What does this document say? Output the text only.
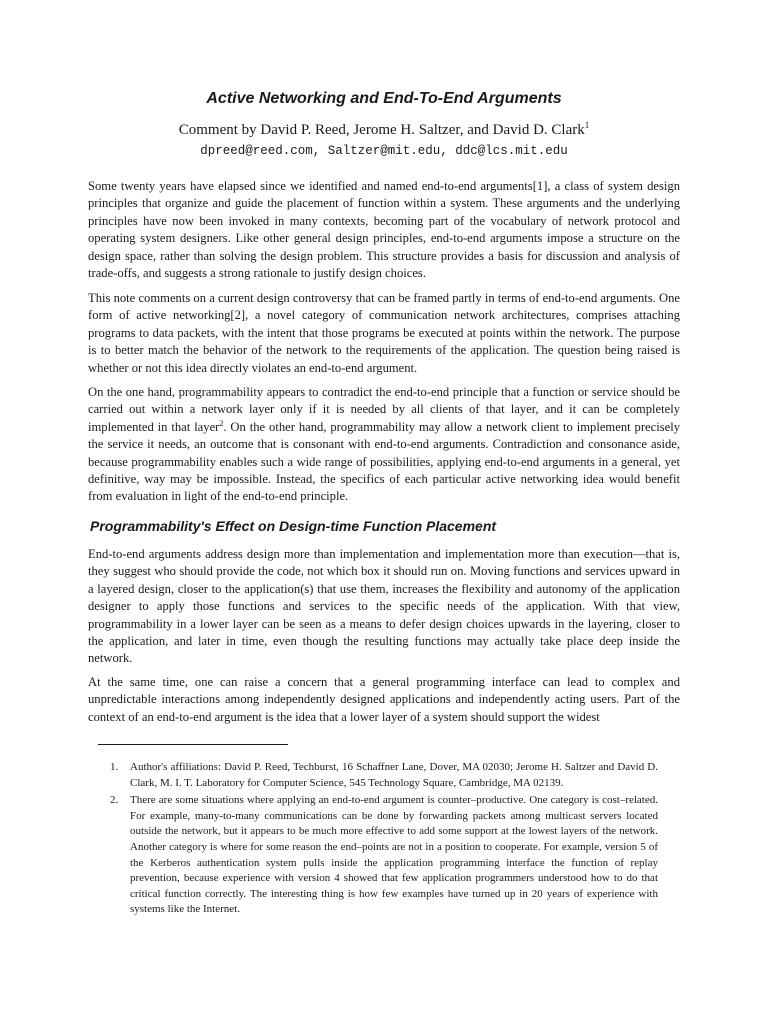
Active Networking and End-To-End Arguments

Comment by David P. Reed, Jerome H. Saltzer, and David D. Clark$^1$

dpreed@reed.com, Saltzer@mit.edu, ddc@lcs.mit.edu

Some twenty years have elapsed since we identified and named end-to-end arguments[1], a class of system design principles that organize and guide the placement of function within a system. These arguments and the underlying principles have now been invoked in many contexts, becoming part of the vocabulary of network protocol and operating system designers. Like other general design principles, end-to-end arguments impose a structure on the design space, rather than solving the design problem. This structure provides a basis for discussion and analysis of trade-offs, and suggests a strong rationale to justify design choices.

This note comments on a current design controversy that can be framed partly in terms of end-to-end arguments. One form of active networking[2], a novel category of communication network architectures, comprises attaching programs to data packets, with the intent that those programs be executed at points within the network. The purpose is to better match the behavior of the network to the requirements of the application. The question being raised is whether or not this idea directly violates an end-to-end argument.

On the one hand, programmability appears to contradict the end-to-end principle that a function or service should be carried out within a network layer only if it is needed by all clients of that layer, and it can be completely implemented in that layer$^2$. On the other hand, programmability may allow a network client to implement precisely the service it needs, an outcome that is consonant with end-to-end arguments. Contradiction and consonance aside, because programmability enables such a wide range of possibilities, applying end-to-end arguments in a general, yet definitive, way may be impossible. Instead, the specifics of each particular active networking idea would benefit from evaluation in light of the end-to-end principle.

Programmability's Effect on Design-time Function Placement

End-to-end arguments address design more than implementation and implementation more than execution—that is, they suggest who should provide the code, not which box it should run on. Moving functions and services upward in a layered design, closer to the application(s) that use them, increases the flexibility and autonomy of the application designer to apply those functions and services to the specific needs of the application. With that view, programmability in a lower layer can be seen as a means to defer design choices upwards in the layering, closer to the application, and later in time, even though the resulting functions may actually take place deep inside the network.

At the same time, one can raise a concern that a general programming interface can lead to complex and unpredictable interactions among independently designed applications and independently acting users. Part of the context of an end-to-end argument is the idea that a lower layer of a system should support the widest

1. Author's affiliations: David P. Reed, Techburst, 16 Schaffner Lane, Dover, MA 02030; Jerome H. Saltzer and David D. Clark, M. I. T. Laboratory for Computer Science, 545 Technology Square, Cambridge, MA 02139.
2. There are some situations where applying an end-to-end argument is counter–productive. One category is cost–related. For example, many-to-many communications can be done by forwarding packets among multicast servers located outside the network, but it appears to be much more effective to add some support at the lowest layers of the network. Another category is where for some reason the end–points are not in a position to cooperate. For example, version 5 of the Kerberos authentication system pulls inside the application programming interface the function of replay prevention, because experience with version 4 showed that few application programmers understood how to do that critical function correctly. The interesting thing is how few examples have turned up in 20 years of experience with systems like the Internet.
